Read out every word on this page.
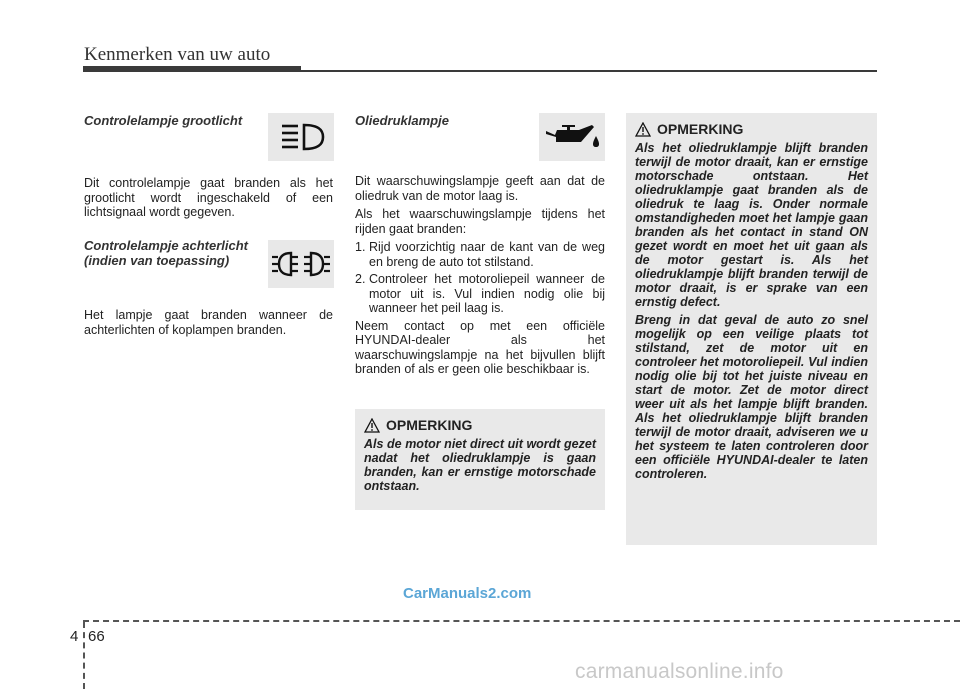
Kenmerken van uw auto
Controlelampje grootlicht
Dit controlelampje gaat branden als het grootlicht wordt ingeschakeld of een lichtsignaal wordt gegeven.
Controlelampje achterlicht
(indien van toepassing)
Het lampje gaat branden wanneer de achterlichten of koplampen branden.
Oliedruklampje
Dit waarschuwingslampje geeft aan dat de oliedruk van de motor laag is.
Als het waarschuwingslampje tijdens het rijden gaat branden:
1. Rijd voorzichtig naar de kant van de weg en breng de auto tot stilstand.
2. Controleer het motoroliepeil wanneer de motor uit is. Vul indien nodig olie bij wanneer het peil laag is.
Neem contact op met een officiële HYUNDAI-dealer als het waarschuwingslampje na het bijvullen blijft branden of als er geen olie beschikbaar is.
OPMERKING
Als de motor niet direct uit wordt gezet nadat het oliedruklampje is gaan branden, kan er ernstige motorschade ontstaan.
OPMERKING
Als het oliedruklampje blijft branden terwijl de motor draait, kan er ernstige motorschade ontstaan. Het oliedruklampje gaat branden als de oliedruk te laag is. Onder normale omstandigheden moet het lampje gaan branden als het contact in stand ON gezet wordt en moet het uit gaan als de motor gestart is. Als het oliedruklampje blijft branden terwijl de motor draait, is er sprake van een ernstig defect.
Breng in dat geval de auto zo snel mogelijk op een veilige plaats tot stilstand, zet de motor uit en controleer het motoroliepeil. Vul indien nodig olie bij tot het juiste niveau en start de motor. Zet de motor direct weer uit als het lampje blijft branden. Als het oliedruklampje blijft branden terwijl de motor draait, adviseren we u het systeem te laten controleren door een officiële HYUNDAI-dealer te laten controleren.
CarManuals2.com
4 66
carmanualsonline.info
